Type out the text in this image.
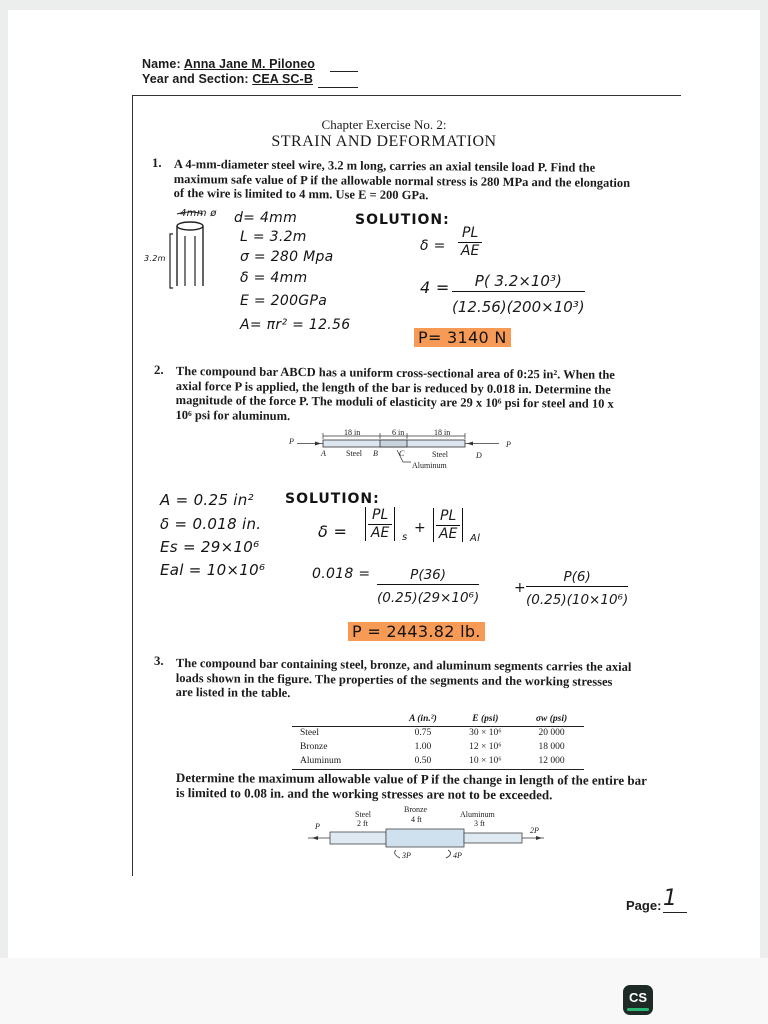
Name: Anna Jane M. Piloneo
Year and Section: CEA SC-B
Chapter Exercise No. 2:
STRAIN AND DEFORMATION
1. A 4-mm-diameter steel wire, 3.2 m long, carries an axial tensile load P. Find the
maximum safe value of P if the allowable normal stress is 280 MPa and the elongation
of the wire is limited to 4 mm. Use E = 200 GPa.
4mm ø
3.2m
d= 4mm
L = 3.2m
σ = 280 Mpa
δ = 4mm
E = 200GPa
A= πr² = 12.56
SOLUTION:
$\delta = \frac{PL}{AE}$
$4 = \frac{\text{P( 3.2×10³)}}{\text{(12.56)(200×10³)}}$
P= 3140 N
2. The compound bar ABCD has a uniform cross-sectional area of 0:25 in². When the
axial force P is applied, the length of the bar is reduced by 0.018 in. Determine the
magnitude of the force P. The moduli of elasticity are 29 x 10⁶ psi for steel and 10 x
10⁶ psi for aluminum.
18 in	6 in	18 in
P	P
A	Steel B	C	Steel	D
Aluminum
A = 0.25 in²
δ = 0.018 in.
Es = 29×10⁶
Eal = 10×10⁶
SOLUTION:
$\delta = \frac{PL}{AE}$ s
+ $\frac{PL}{AE}$ Al
$0.018 = \frac{P(36)}{\text{(0.25)(29×10⁶)}} + \frac{P(6)}{\text{(0.25)(10×10⁶)}}$
P = 2443.82 lb.
3. The compound bar containing steel, bronze, and aluminum segments carries the axial
loads shown in the figure. The properties of the segments and the working stresses
are listed in the table.
	A (in.²)	E (psi)	σw (psi)
Steel	0.75	30 × 10⁶	20 000
Bronze	1.00	12 × 10⁶	18 000
Aluminum	0.50	10 × 10⁶	12 000
Determine the maximum allowable value of P if the change in length of the entire bar
is limited to 0.08 in. and the working stresses are not to be exceeded.
Steel
2 ft
Bronze
4 ft
Aluminum
3 ft
P
3P	4P
2P
Page: 1
CS
